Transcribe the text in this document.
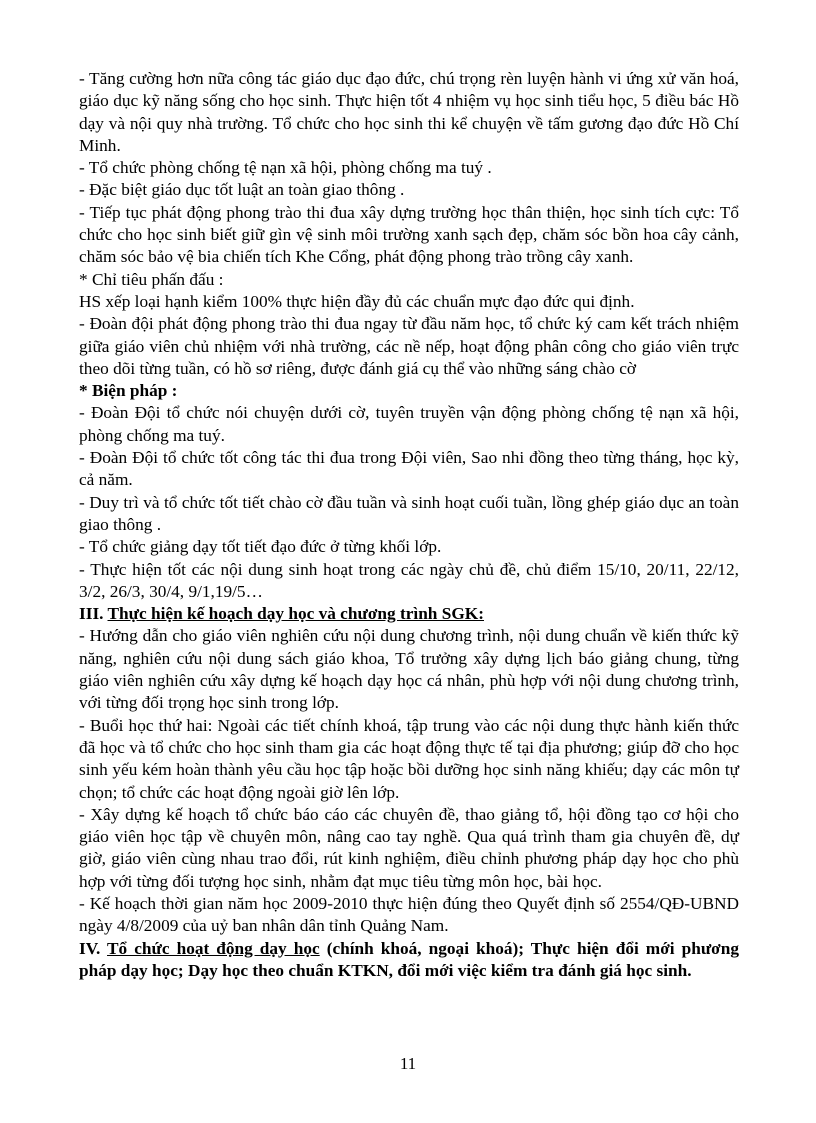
- Tăng cường hơn nữa công tác giáo dục đạo đức, chú trọng rèn luyện hành vi ứng xử văn hoá, giáo dục kỹ năng sống cho học sinh. Thực hiện tốt 4 nhiệm vụ học sinh tiểu học, 5 điều bác Hồ dạy và nội quy nhà trường. Tổ chức cho học sinh thi kể chuyện về tấm gương đạo đức Hồ Chí Minh.

- Tổ chức phòng chống tệ nạn xã hội, phòng chống ma tuý .

- Đặc biệt giáo dục tốt luật an toàn giao thông .

- Tiếp tục phát động phong trào thi đua xây dựng trường học thân thiện, học sinh tích cực: Tổ chức cho học sinh biết giữ gìn vệ sinh môi trường xanh sạch đẹp, chăm sóc bồn hoa cây cảnh, chăm sóc bảo vệ bia chiến tích Khe Cổng, phát động phong trào trồng cây xanh.

* Chỉ tiêu phấn đấu :

HS xếp loại hạnh kiểm 100% thực hiện đầy đủ các chuẩn mực đạo đức qui định.

- Đoàn đội phát động phong trào thi đua ngay từ đầu năm học, tổ chức ký cam kết trách nhiệm giữa giáo viên chủ nhiệm với nhà trường, các nề nếp, hoạt động phân công cho giáo viên trực theo dõi từng tuần, có hồ sơ riêng, được đánh giá cụ thể vào những sáng chào cờ

* Biện pháp :

- Đoàn Đội tổ chức nói chuyện dưới cờ, tuyên truyền vận động phòng chống tệ nạn xã hội, phòng chống ma tuý.

- Đoàn Đội tổ chức tốt công tác thi đua trong Đội viên, Sao nhi đồng theo từng tháng, học kỳ, cả năm.

- Duy trì và tổ chức tốt tiết chào cờ đầu tuần và sinh hoạt cuối tuần, lồng ghép giáo dục an toàn giao thông .

- Tổ chức giảng dạy tốt tiết đạo đức ở từng khối lớp.

- Thực hiện tốt các nội dung sinh hoạt trong các ngày chủ đề, chủ điểm 15/10, 20/11, 22/12, 3/2, 26/3, 30/4, 9/1,19/5…

III. Thực hiện kế hoạch dạy học và chương trình SGK:

- Hướng dẫn cho giáo viên nghiên cứu nội dung chương trình, nội dung chuẩn về kiến thức kỹ năng, nghiên cứu nội dung sách giáo khoa, Tổ trưởng xây dựng lịch báo giảng chung, từng giáo viên nghiên cứu xây dựng kế hoạch dạy học cá nhân, phù hợp với nội dung chương trình, với từng đối trọng học sinh trong lớp.

- Buổi học thứ hai: Ngoài các tiết chính khoá, tập trung vào các nội dung thực hành kiến thức đã học và tổ chức cho học sinh tham gia các hoạt động thực tế tại địa phương; giúp đỡ cho học sinh yếu kém hoàn thành yêu cầu học tập hoặc bồi dưỡng học sinh năng khiếu; dạy các môn tự chọn; tổ chức các hoạt động ngoài giờ lên lớp.

- Xây dựng kế hoạch tổ chức báo cáo các chuyên đề, thao giảng tổ, hội đồng tạo cơ hội cho giáo viên học tập về chuyên môn, nâng cao tay nghề. Qua quá trình tham gia chuyên đề, dự giờ, giáo viên cùng nhau trao đổi, rút kinh nghiệm, điều chỉnh phương pháp dạy học cho phù hợp với từng đối tượng học sinh, nhằm đạt mục tiêu từng môn học, bài học.

- Kế hoạch thời gian năm học 2009-2010 thực hiện đúng theo Quyết định số 2554/QĐ-UBND ngày 4/8/2009 của uỷ ban nhân dân tỉnh Quảng Nam.

IV. Tổ chức hoạt động dạy học (chính khoá, ngoại khoá); Thực hiện đổi mới phương pháp dạy học; Dạy học theo chuẩn KTKN, đổi mới việc kiểm tra đánh giá học sinh.

11
